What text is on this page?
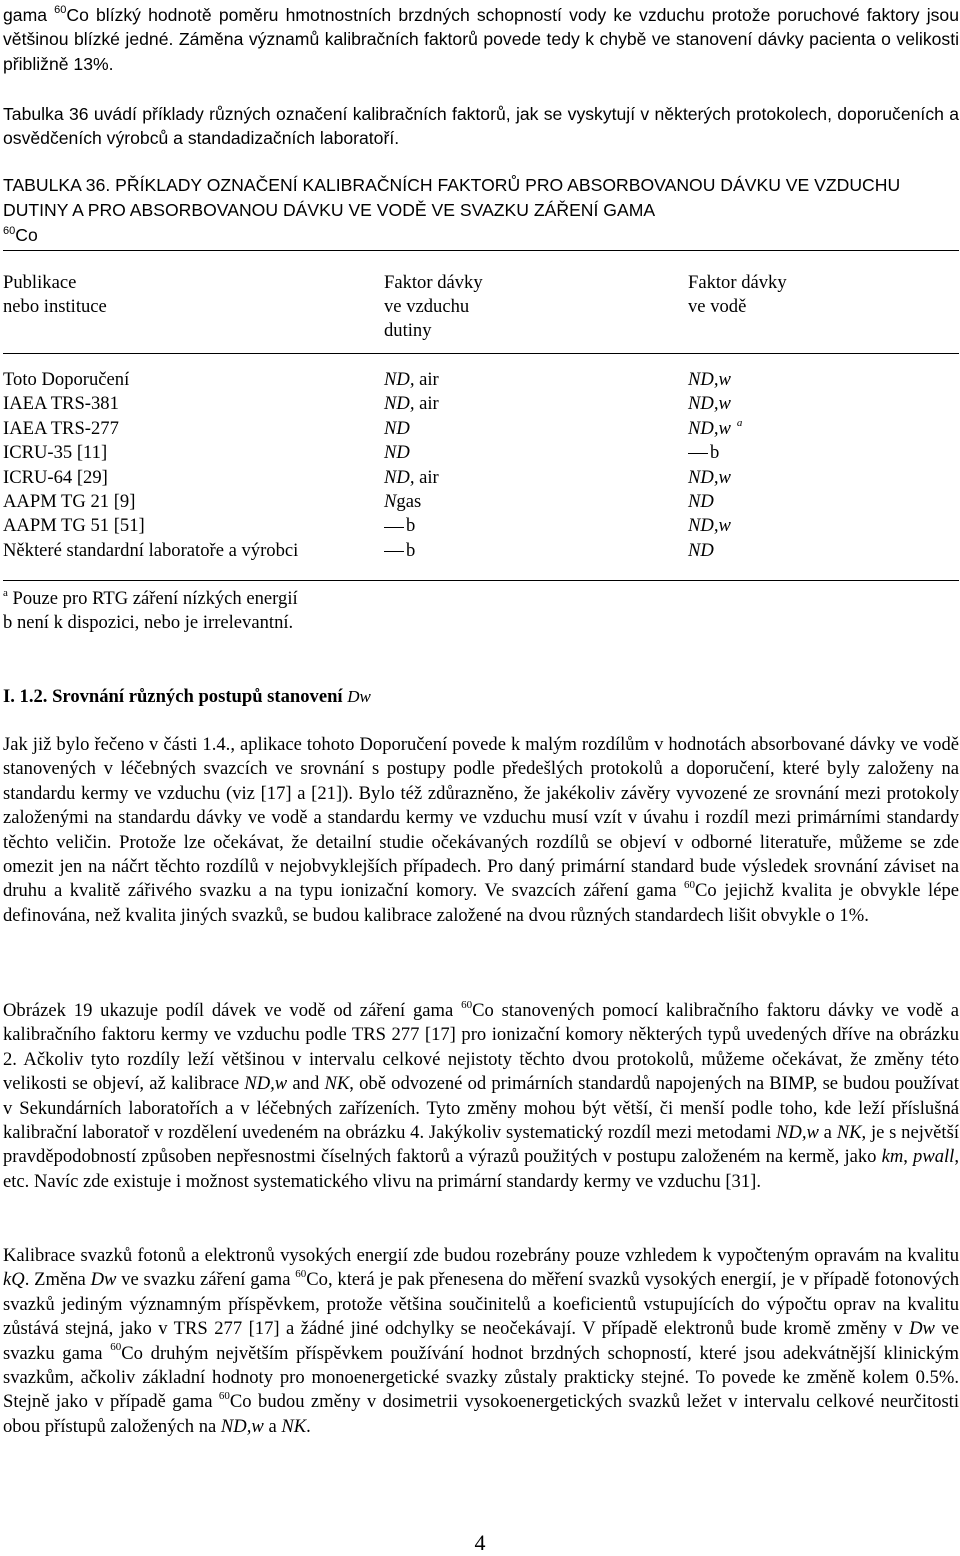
gama $^{60}$Co blízký hodnotě poměru hmotnostních brzdných schopností vody ke vzduchu protože poruchové faktory jsou většinou blízké jedné. Záměna významů kalibračních faktorů povede tedy k chybě ve stanovení dávky pacienta o velikosti přibližně 13%.

Tabulka 36 uvádí příklady různých označení kalibračních faktorů, jak se vyskytují v některých protokolech, doporučeních a osvědčeních výrobců a standadizačních laboratoří.

TABULKA 36. PŘÍKLADY OZNAČENÍ KALIBRAČNÍCH FAKTORŮ PRO ABSORBOVANOU DÁVKU VE VZDUCHU DUTINY A PRO ABSORBOVANOU DÁVKU VE VODĚ VE SVAZKU ZÁŘENÍ GAMA
$^{60}$Co

Publikace	Faktor dávky	Faktor dávky
nebo instituce	ve vzduchu	ve vodě
dutiny
Toto Doporučení	ND, air	ND,w
IAEA TRS-381	ND, air	ND,w
IAEA TRS-277	ND	ND,w $^a$
ICRU-35 [11]	ND	b
ICRU-64 [29]	ND, air	ND,w
AAPM TG 21 [9]	Ngas	ND
AAPM TG 51 [51]	b	ND,w
Některé standardní laboratoře a výrobci	b	ND

$^a$ Pouze pro RTG záření nízkých energií

b není k dispozici, nebo je irrelevantní.

I. 1.2. Srovnání různých postupů stanovení Dw

Jak již bylo řečeno v části 1.4., aplikace tohoto Doporučení povede k malým rozdílům v hodnotách absorbované dávky ve vodě stanovených v léčebných svazcích ve srovnání s postupy podle předešlých protokolů a doporučení, které byly založeny na standardu kermy ve vzduchu (viz [17] a [21]). Bylo též zdůrazněno, že jakékoliv závěry vyvozené ze srovnání mezi protokoly založenými na standardu dávky ve vodě a standardu kermy ve vzduchu musí vzít v úvahu i rozdíl mezi primárními standardy těchto veličin. Protože lze očekávat, že detailní studie očekávaných rozdílů se objeví v odborné literatuře, můžeme se zde omezit jen na náčrt těchto rozdílů v nejobvyklejších případech. Pro daný primární standard bude výsledek srovnání záviset na druhu a kvalitě zářivého svazku a na typu ionizační komory. Ve svazcích záření gama $^{60}$Co jejichž kvalita je obvykle lépe definována, než kvalita jiných svazků, se budou kalibrace založené na dvou různých standardech lišit obvykle o 1%.

Obrázek 19 ukazuje podíl dávek ve vodě od záření gama $^{60}$Co stanovených pomocí kalibračního faktoru dávky ve vodě a kalibračního faktoru kermy ve vzduchu podle TRS 277 [17] pro ionizační komory některých typů uvedených dříve na obrázku 2. Ačkoliv tyto rozdíly leží většinou v intervalu celkové nejistoty těchto dvou protokolů, můžeme očekávat, že změny této velikosti se objeví, až kalibrace ND,w and NK, obě odvozené od primárních standardů napojených na BIMP, se budou používat v Sekundárních laboratořích a v léčebných zařízeních. Tyto změny mohou být větší, či menší podle toho, kde leží příslušná kalibrační laboratoř v rozdělení uvedeném na obrázku 4. Jakýkoliv systematický rozdíl mezi metodami ND,w a NK, je s největší pravděpodobností způsoben nepřesnostmi číselných faktorů a výrazů použitých v postupu založeném na kermě, jako km, pwall, etc. Navíc zde existuje i možnost systematického vlivu na primární standardy kermy ve vzduchu [31].

Kalibrace svazků fotonů a elektronů vysokých energií zde budou rozebrány pouze vzhledem k vypočteným opravám na kvalitu kQ. Změna Dw ve svazku záření gama $^{60}$Co, která je pak přenesena do měření svazků vysokých energií, je v případě fotonových svazků jediným významným příspěvkem, protože většina součinitelů a koeficientů vstupujících do výpočtu oprav na kvalitu zůstává stejná, jako v TRS 277 [17] a žádné jiné odchylky se neočekávají. V případě elektronů bude kromě změny v Dw ve svazku gama $^{60}$Co druhým největším příspěvkem používání hodnot brzdných schopností, které jsou adekvátnější klinickým svazkům, ačkoliv základní hodnoty pro monoenergetické svazky zůstaly prakticky stejné. To povede ke změně kolem 0.5%. Stejně jako v případě gama $^{60}$Co budou změny v dosimetrii vysokoenergetických svazků ležet v intervalu celkové neurčitosti obou přístupů založených na ND,w a NK.

4
